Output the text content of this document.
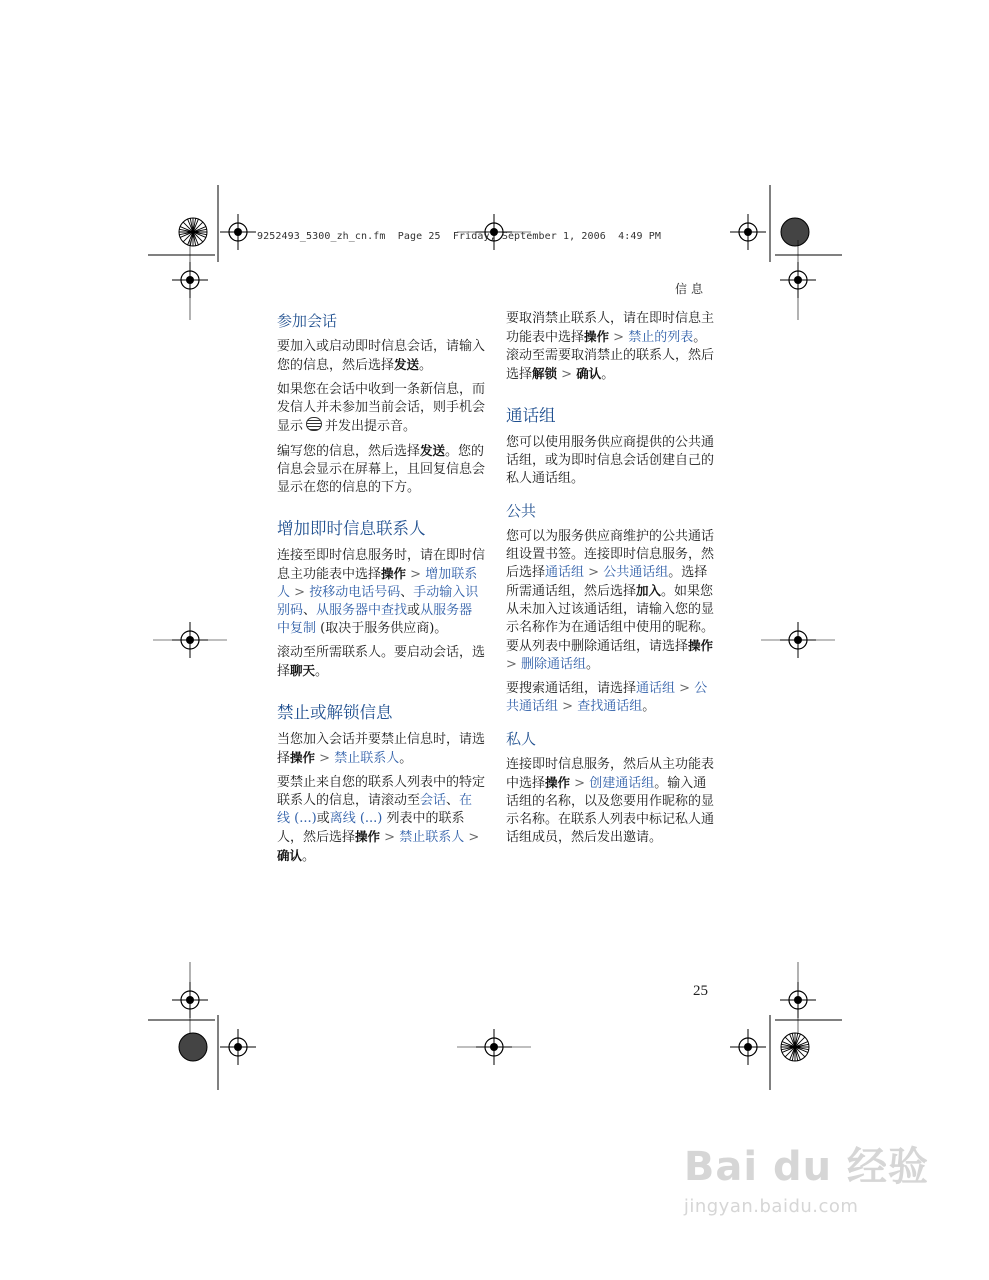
9252493_5300_zh_cn.fm  Page 25  Friday, September 1, 2006  4:49 PM
信息
参加会话

要加入或启动即时信息会话，请输入您的信息，然后选择发送。

如果您在会话中收到一条新信息，而发信人并未参加当前会话，则手机会显示 并发出提示音。

编写您的信息，然后选择发送。您的信息会显示在屏幕上，且回复信息会显示在您的信息的下方。

增加即时信息联系人

连接至即时信息服务时，请在即时信息主功能表中选择操作 > 增加联系人 > 按移动电话号码、手动输入识别码、从服务器中查找或从服务器中复制 (取决于服务供应商)。

滚动至所需联系人。要启动会话，选择聊天。

禁止或解锁信息

当您加入会话并要禁止信息时，请选择操作 > 禁止联系人。

要禁止来自您的联系人列表中的特定联系人的信息，请滚动至会话、在线 (...)或离线 (...) 列表中的联系人，然后选择操作 > 禁止联系人 > 确认。

要取消禁止联系人，请在即时信息主功能表中选择操作 > 禁止的列表。滚动至需要取消禁止的联系人，然后选择解锁 > 确认。

通话组

您可以使用服务供应商提供的公共通话组，或为即时信息会话创建自己的私人通话组。

公共

您可以为服务供应商维护的公共通话组设置书签。连接即时信息服务，然后选择通话组 > 公共通话组。选择所需通话组，然后选择加入。如果您从未加入过该通话组，请输入您的显示名称作为在通话组中使用的昵称。要从列表中删除通话组，请选择操作 > 删除通话组。

要搜索通话组，请选择通话组 > 公共通话组 > 查找通话组。

私人

连接即时信息服务，然后从主功能表中选择操作 > 创建通话组。输入通话组的名称，以及您要用作昵称的显示名称。在联系人列表中标记私人通话组成员，然后发出邀请。

25
Bai du 经验
jingyan.baidu.com
